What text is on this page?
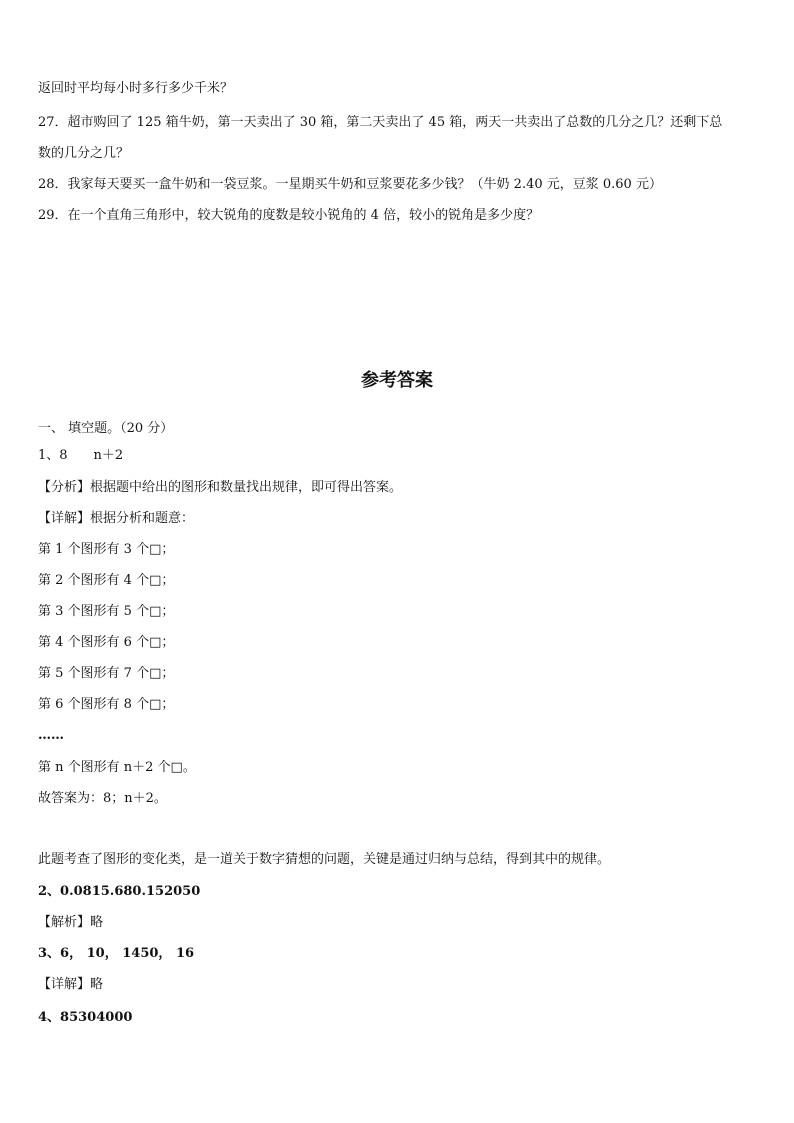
返回时平均每小时多行多少千米？
27．超市购回了 125 箱牛奶，第一天卖出了 30 箱，第二天卖出了 45 箱，两天一共卖出了总数的几分之几？还剩下总
数的几分之几？
28．我家每天要买一盒牛奶和一袋豆浆。一星期买牛奶和豆浆要花多少钱？（牛奶 2.40 元，豆浆 0.60 元）
29．在一个直角三角形中，较大锐角的度数是较小锐角的 4 倍，较小的锐角是多少度？
参考答案
一、 填空题。（20 分）
1、8 n＋2
【分析】根据题中给出的图形和数量找出规律，即可得出答案。
【详解】根据分析和题意：
第 1 个图形有 3 个□；
第 2 个图形有 4 个□；
第 3 个图形有 5 个□；
第 4 个图形有 6 个□；
第 5 个图形有 7 个□；
第 6 个图形有 8 个□；
……
第 n 个图形有 n＋2 个□。
故答案为：8；n＋2。
此题考查了图形的变化类，是一道关于数字猜想的问题，关键是通过归纳与总结，得到其中的规律。
2、0.0815.680.152050
【解析】略
3、6， 10， 1450， 16
【详解】略
4、85304000
